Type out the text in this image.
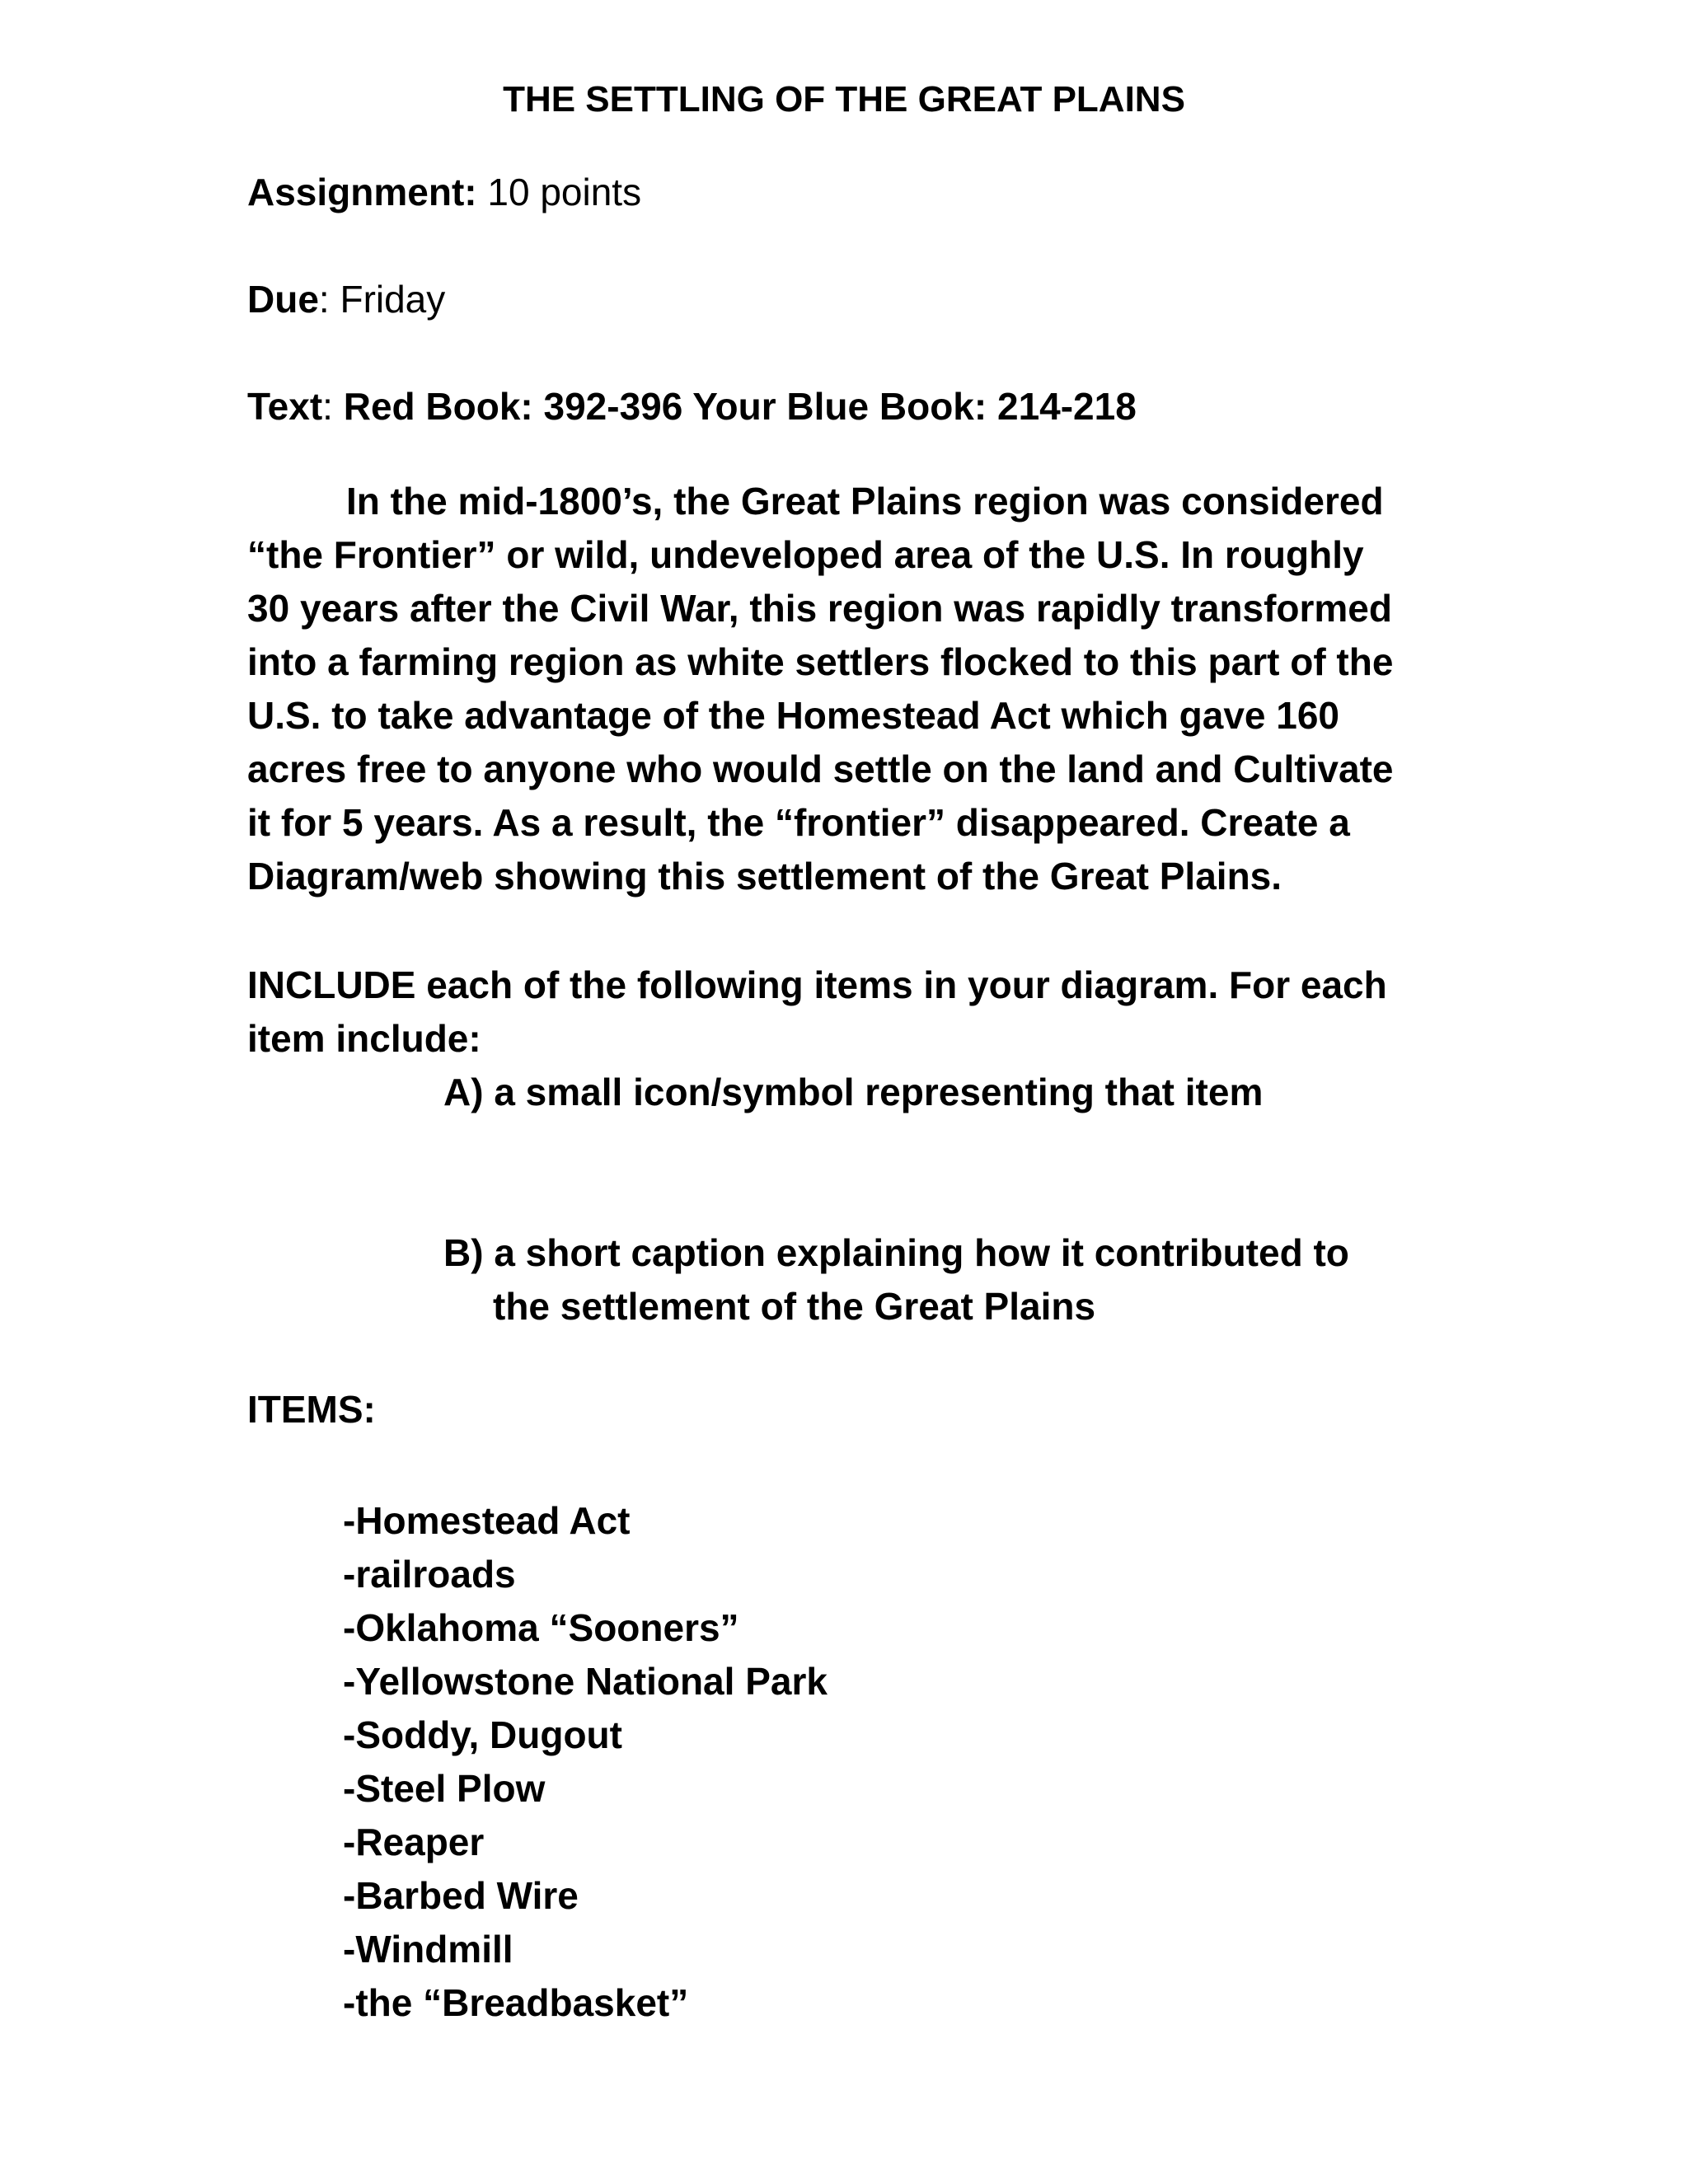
THE SETTLING OF THE GREAT PLAINS
Assignment: 10 points
Due: Friday
Text: Red Book: 392-396 Your Blue Book: 214-218
In the mid-1800’s, the Great Plains region was considered
“the Frontier” or wild, undeveloped area of the U.S. In roughly
30 years after the Civil War, this region was rapidly transformed
into a farming region as white settlers flocked to this part of the
U.S. to take advantage of the Homestead Act which gave 160
acres free to anyone who would settle on the land and Cultivate
it for 5 years. As a result, the “frontier” disappeared. Create a
Diagram/web showing this settlement of the Great Plains.
INCLUDE each of the following items in your diagram. For each
item include:
A) a small icon/symbol representing that item
B) a short caption explaining how it contributed to
the settlement of the Great Plains
ITEMS:
-Homestead Act
-railroads
-Oklahoma “Sooners”
-Yellowstone National Park
-Soddy, Dugout
-Steel Plow
-Reaper
-Barbed Wire
-Windmill
-the “Breadbasket”
